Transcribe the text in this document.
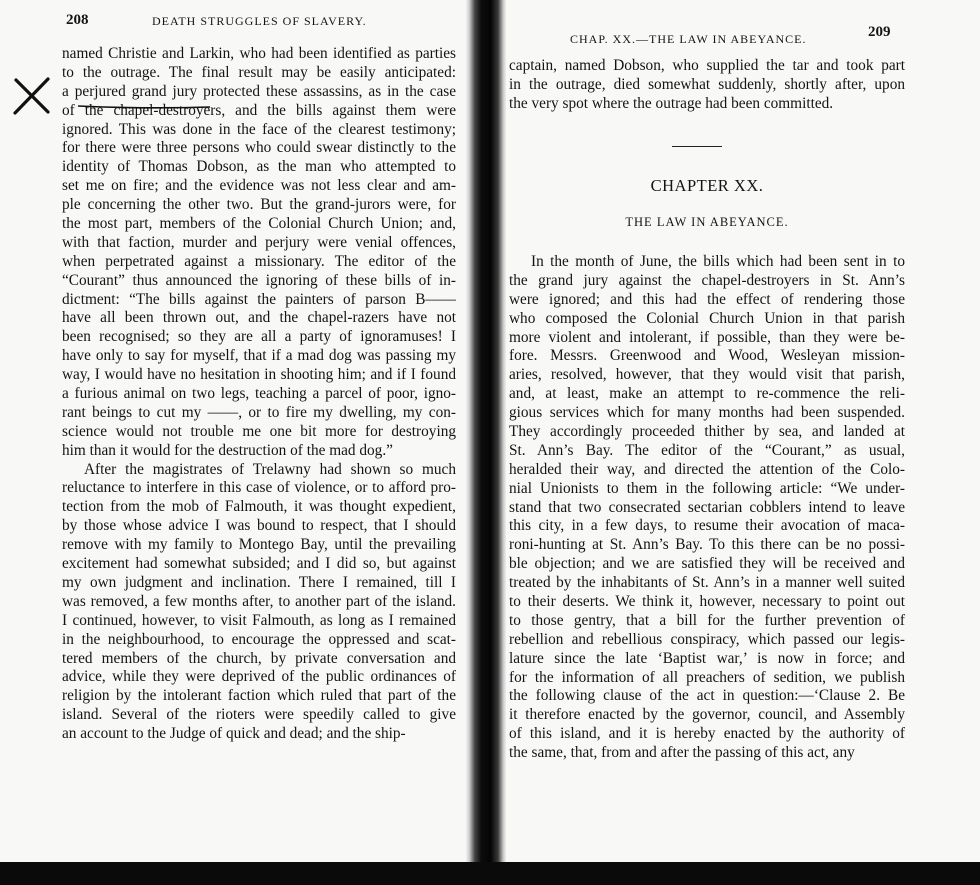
208	DEATH STRUGGLES OF SLAVERY.
CHAP. XX.—THE LAW IN ABEYANCE.	209
named Christie and Larkin, who had been identified as parties
to the outrage. The final result may be easily anticipated:
a perjured grand jury protected these assassins, as in the case
of the chapel-destroyers, and the bills against them were
ignored. This was done in the face of the clearest testimony;
for there were three persons who could swear distinctly to the
identity of Thomas Dobson, as the man who attempted to
set me on fire; and the evidence was not less clear and am-
ple concerning the other two. But the grand-jurors were, for
the most part, members of the Colonial Church Union; and,
with that faction, murder and perjury were venial offences,
when perpetrated against a missionary. The editor of the
“Courant” thus announced the ignoring of these bills of in-
dictment: “The bills against the painters of parson B——
have all been thrown out, and the chapel-razers have not
been recognised; so they are all a party of ignoramuses! I
have only to say for myself, that if a mad dog was passing my
way, I would have no hesitation in shooting him; and if I found
a furious animal on two legs, teaching a parcel of poor, igno-
rant beings to cut my ——, or to fire my dwelling, my con-
science would not trouble me one bit more for destroying
him than it would for the destruction of the mad dog.”
After the magistrates of Trelawny had shown so much
reluctance to interfere in this case of violence, or to afford pro-
tection from the mob of Falmouth, it was thought expedient,
by those whose advice I was bound to respect, that I should
remove with my family to Montego Bay, until the prevailing
excitement had somewhat subsided; and I did so, but against
my own judgment and inclination. There I remained, till I
was removed, a few months after, to another part of the island.
I continued, however, to visit Falmouth, as long as I remained
in the neighbourhood, to encourage the oppressed and scat-
tered members of the church, by private conversation and
advice, while they were deprived of the public ordinances of
religion by the intolerant faction which ruled that part of the
island. Several of the rioters were speedily called to give
an account to the Judge of quick and dead; and the ship-
captain, named Dobson, who supplied the tar and took part
in the outrage, died somewhat suddenly, shortly after, upon
the very spot where the outrage had been committed.
CHAPTER XX.
THE LAW IN ABEYANCE.
In the month of June, the bills which had been sent in to
the grand jury against the chapel-destroyers in St. Ann’s
were ignored; and this had the effect of rendering those
who composed the Colonial Church Union in that parish
more violent and intolerant, if possible, than they were be-
fore. Messrs. Greenwood and Wood, Wesleyan mission-
aries, resolved, however, that they would visit that parish,
and, at least, make an attempt to re-commence the reli-
gious services which for many months had been suspended.
They accordingly proceeded thither by sea, and landed at
St. Ann’s Bay. The editor of the “Courant,” as usual,
heralded their way, and directed the attention of the Colo-
nial Unionists to them in the following article: “We under-
stand that two consecrated sectarian cobblers intend to leave
this city, in a few days, to resume their avocation of maca-
roni-hunting at St. Ann’s Bay. To this there can be no possi-
ble objection; and we are satisfied they will be received and
treated by the inhabitants of St. Ann’s in a manner well suited
to their deserts. We think it, however, necessary to point out
to those gentry, that a bill for the further prevention of
rebellion and rebellious conspiracy, which passed our legis-
lature since the late ‘Baptist war,’ is now in force; and
for the information of all preachers of sedition, we publish
the following clause of the act in question:—‘Clause 2. Be
it therefore enacted by the governor, council, and Assembly
of this island, and it is hereby enacted by the authority of
the same, that, from and after the passing of this act, any
